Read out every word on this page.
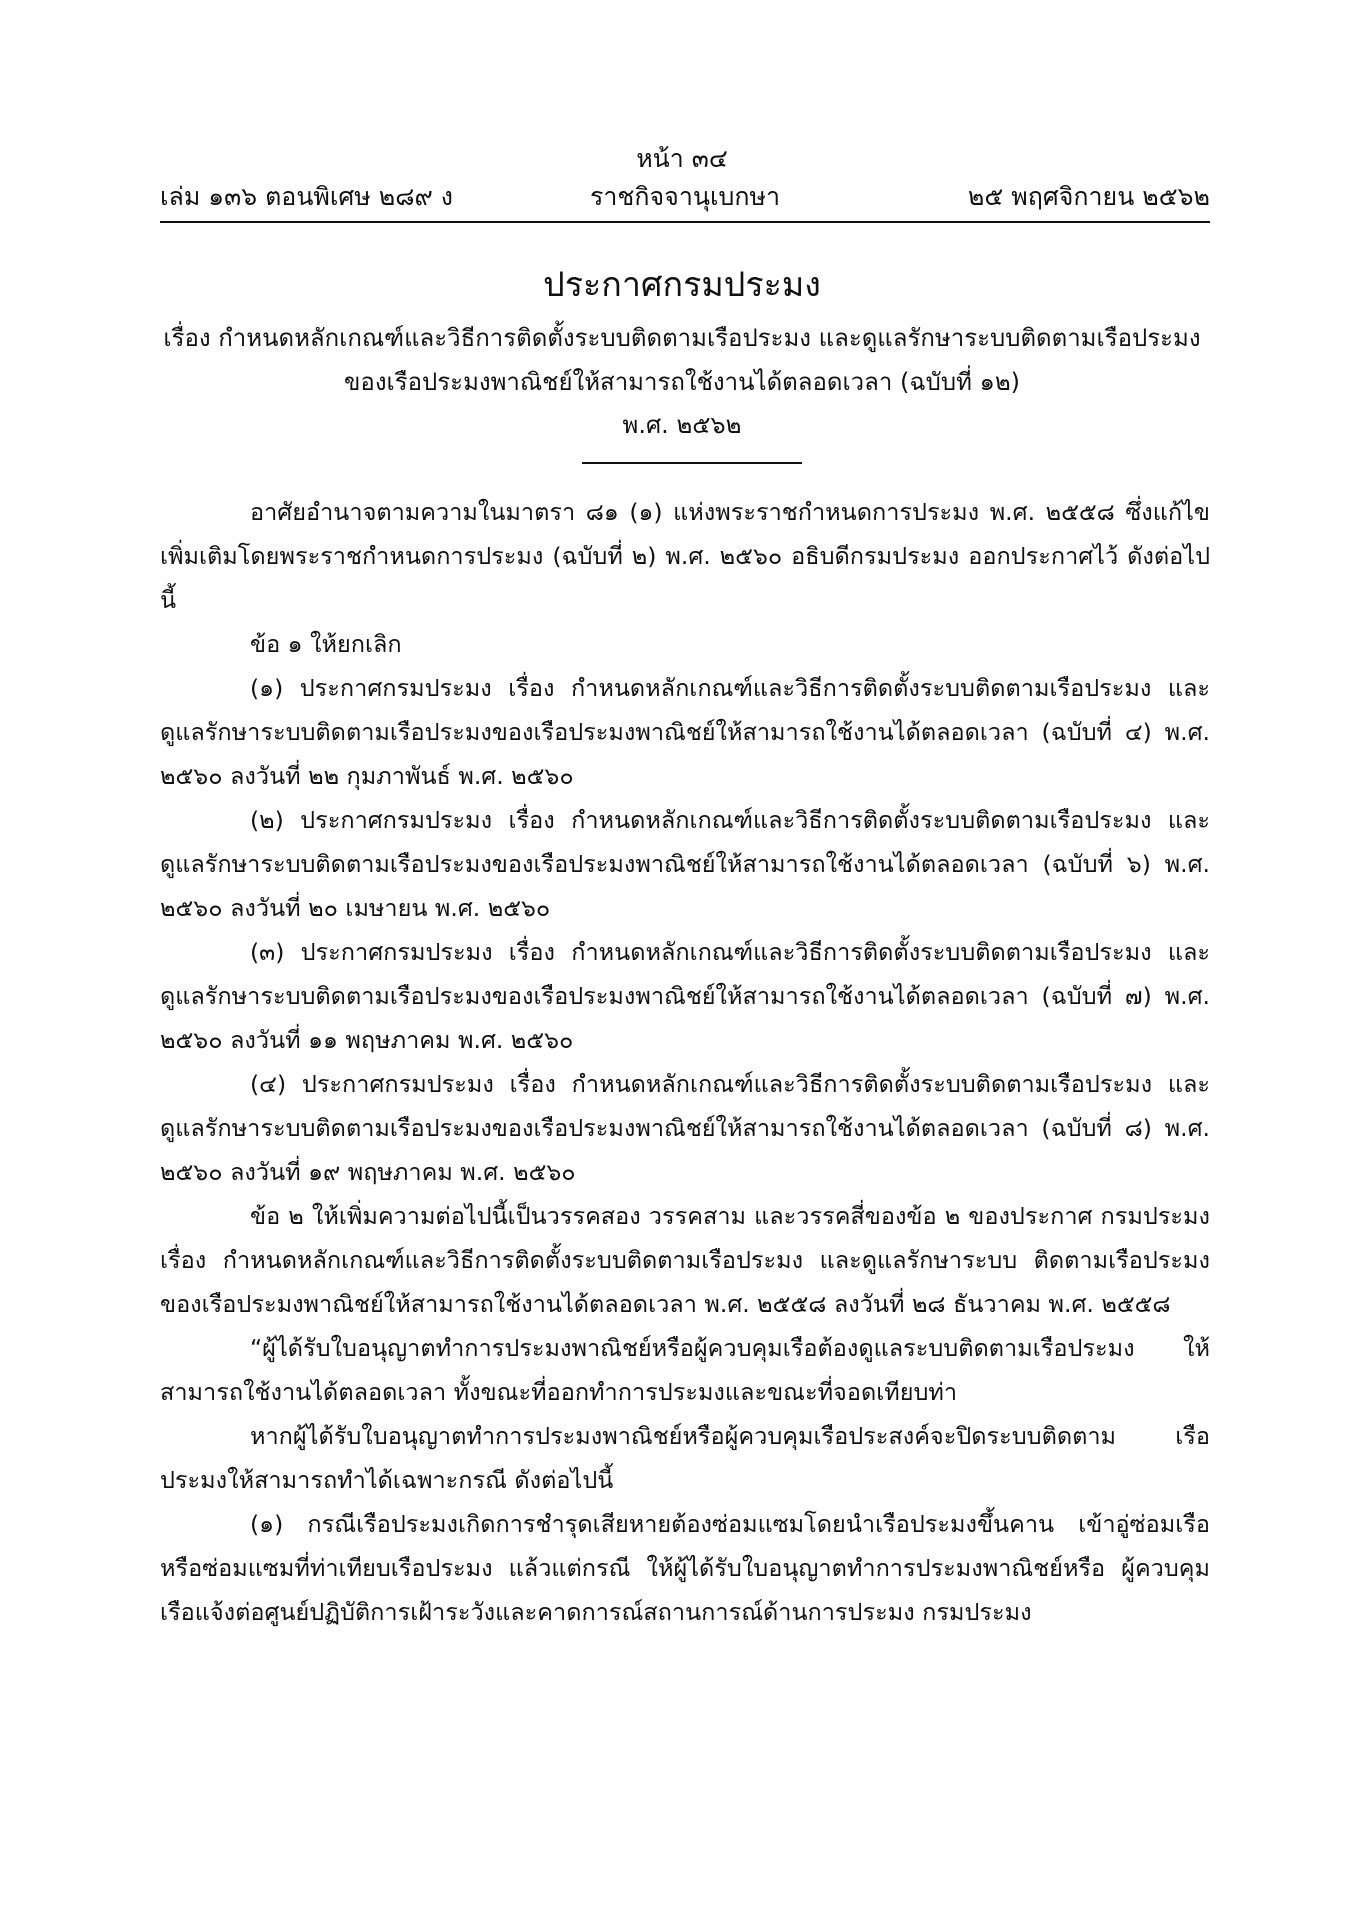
หน้า ๓๔
ราชกิจจานุเบกษา
เล่ม ๑๓๖ ตอนพิเศษ ๒๘๙ ง	๒๕ พฤศจิกายน ๒๕๖๒
ประกาศกรมประมง
เรื่อง กำหนดหลักเกณฑ์และวิธีการติดตั้งระบบติดตามเรือประมง และดูแลรักษาระบบติดตามเรือประมง
ของเรือประมงพาณิชย์ให้สามารถใช้งานได้ตลอดเวลา (ฉบับที่ ๑๒)
พ.ศ. ๒๕๖๒

อาศัยอำนาจตามความในมาตรา ๘๑ (๑) แห่งพระราชกำหนดการประมง พ.ศ. ๒๕๕๘ ซึ่งแก้ไขเพิ่มเติมโดยพระราชกำหนดการประมง (ฉบับที่ ๒) พ.ศ. ๒๕๖๐ อธิบดีกรมประมง ออกประกาศไว้ ดังต่อไปนี้

ข้อ ๑ ให้ยกเลิก

(๑) ประกาศกรมประมง เรื่อง กำหนดหลักเกณฑ์และวิธีการติดตั้งระบบติดตามเรือประมง และดูแลรักษาระบบติดตามเรือประมงของเรือประมงพาณิชย์ให้สามารถใช้งานได้ตลอดเวลา (ฉบับที่ ๔) พ.ศ. ๒๕๖๐ ลงวันที่ ๒๒ กุมภาพันธ์ พ.ศ. ๒๕๖๐

(๒) ประกาศกรมประมง เรื่อง กำหนดหลักเกณฑ์และวิธีการติดตั้งระบบติดตามเรือประมง และดูแลรักษาระบบติดตามเรือประมงของเรือประมงพาณิชย์ให้สามารถใช้งานได้ตลอดเวลา (ฉบับที่ ๖) พ.ศ. ๒๕๖๐ ลงวันที่ ๒๐ เมษายน พ.ศ. ๒๕๖๐

(๓) ประกาศกรมประมง เรื่อง กำหนดหลักเกณฑ์และวิธีการติดตั้งระบบติดตามเรือประมง และดูแลรักษาระบบติดตามเรือประมงของเรือประมงพาณิชย์ให้สามารถใช้งานได้ตลอดเวลา (ฉบับที่ ๗) พ.ศ. ๒๕๖๐ ลงวันที่ ๑๑ พฤษภาคม พ.ศ. ๒๕๖๐

(๔) ประกาศกรมประมง เรื่อง กำหนดหลักเกณฑ์และวิธีการติดตั้งระบบติดตามเรือประมง และดูแลรักษาระบบติดตามเรือประมงของเรือประมงพาณิชย์ให้สามารถใช้งานได้ตลอดเวลา (ฉบับที่ ๘) พ.ศ. ๒๕๖๐ ลงวันที่ ๑๙ พฤษภาคม พ.ศ. ๒๕๖๐

ข้อ ๒ ให้เพิ่มความต่อไปนี้เป็นวรรคสอง วรรคสาม และวรรคสี่ของข้อ ๒ ของประกาศ กรมประมง เรื่อง กำหนดหลักเกณฑ์และวิธีการติดตั้งระบบติดตามเรือประมง และดูแลรักษาระบบ ติดตามเรือประมงของเรือประมงพาณิชย์ให้สามารถใช้งานได้ตลอดเวลา พ.ศ. ๒๕๕๘ ลงวันที่ ๒๘ ธันวาคม พ.ศ. ๒๕๕๘

“ผู้ได้รับใบอนุญาตทำการประมงพาณิชย์หรือผู้ควบคุมเรือต้องดูแลระบบติดตามเรือประมง ให้สามารถใช้งานได้ตลอดเวลา ทั้งขณะที่ออกทำการประมงและขณะที่จอดเทียบท่า

หากผู้ได้รับใบอนุญาตทำการประมงพาณิชย์หรือผู้ควบคุมเรือประสงค์จะปิดระบบติดตาม เรือประมงให้สามารถทำได้เฉพาะกรณี ดังต่อไปนี้

(๑) กรณีเรือประมงเกิดการชำรุดเสียหายต้องซ่อมแซมโดยนำเรือประมงขึ้นคาน เข้าอู่ซ่อมเรือ หรือซ่อมแซมที่ท่าเทียบเรือประมง แล้วแต่กรณี ให้ผู้ได้รับใบอนุญาตทำการประมงพาณิชย์หรือ ผู้ควบคุมเรือแจ้งต่อศูนย์ปฏิบัติการเฝ้าระวังและคาดการณ์สถานการณ์ด้านการประมง กรมประมง
